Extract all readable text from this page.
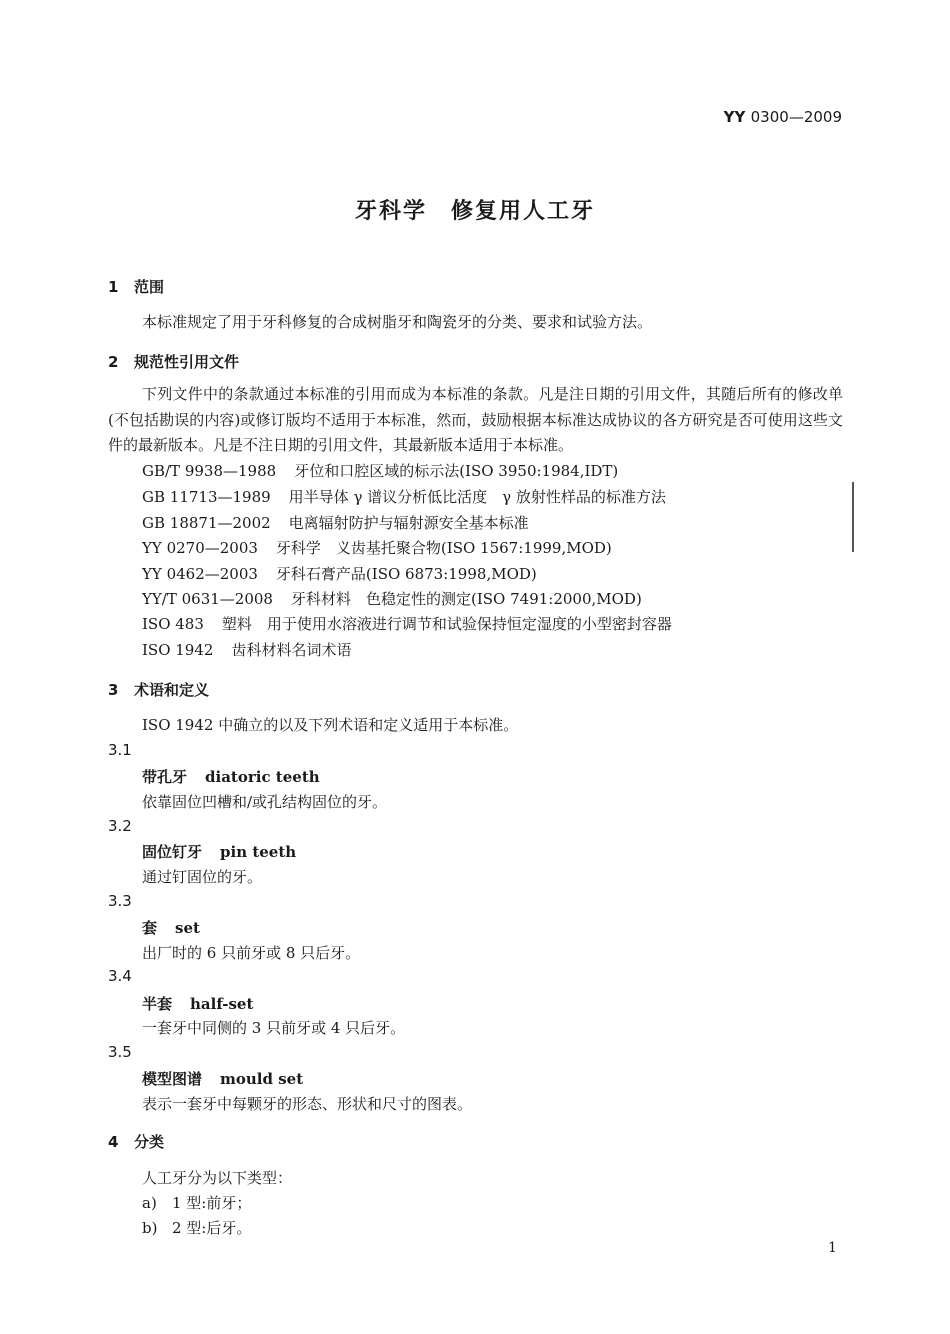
YY 0300—2009
牙科学　修复用人工牙
1 范围
本标准规定了用于牙科修复的合成树脂牙和陶瓷牙的分类、要求和试验方法。
2 规范性引用文件
下列文件中的条款通过本标准的引用而成为本标准的条款。凡是注日期的引用文件，其随后所有的修改单(不包括勘误的内容)或修订版均不适用于本标准，然而，鼓励根据本标准达成协议的各方研究是否可使用这些文件的最新版本。凡是不注日期的引用文件，其最新版本适用于本标准。
GB/T 9938—1988 牙位和口腔区域的标示法(ISO 3950:1984,IDT)
GB 11713—1989 用半导体 γ 谱议分析低比活度　γ 放射性样品的标准方法
GB 18871—2002 电离辐射防护与辐射源安全基本标准
YY 0270—2003 牙科学　义齿基托聚合物(ISO 1567:1999,MOD)
YY 0462—2003 牙科石膏产品(ISO 6873:1998,MOD)
YY/T 0631—2008 牙科材料　色稳定性的测定(ISO 7491:2000,MOD)
ISO 483 塑料　用于使用水溶液进行调节和试验保持恒定湿度的小型密封容器
ISO 1942 齿科材料名词术语
3 术语和定义
ISO 1942 中确立的以及下列术语和定义适用于本标准。
3.1
带孔牙 diatoric teeth
依靠固位凹槽和/或孔结构固位的牙。
3.2
固位钉牙 pin teeth
通过钉固位的牙。
3.3
套 set
出厂时的 6 只前牙或 8 只后牙。
3.4
半套 half-set
一套牙中同侧的 3 只前牙或 4 只后牙。
3.5
模型图谱 mould set
表示一套牙中每颗牙的形态、形状和尺寸的图表。
4 分类
人工牙分为以下类型：
a) 1 型:前牙；
b) 2 型:后牙。
1
